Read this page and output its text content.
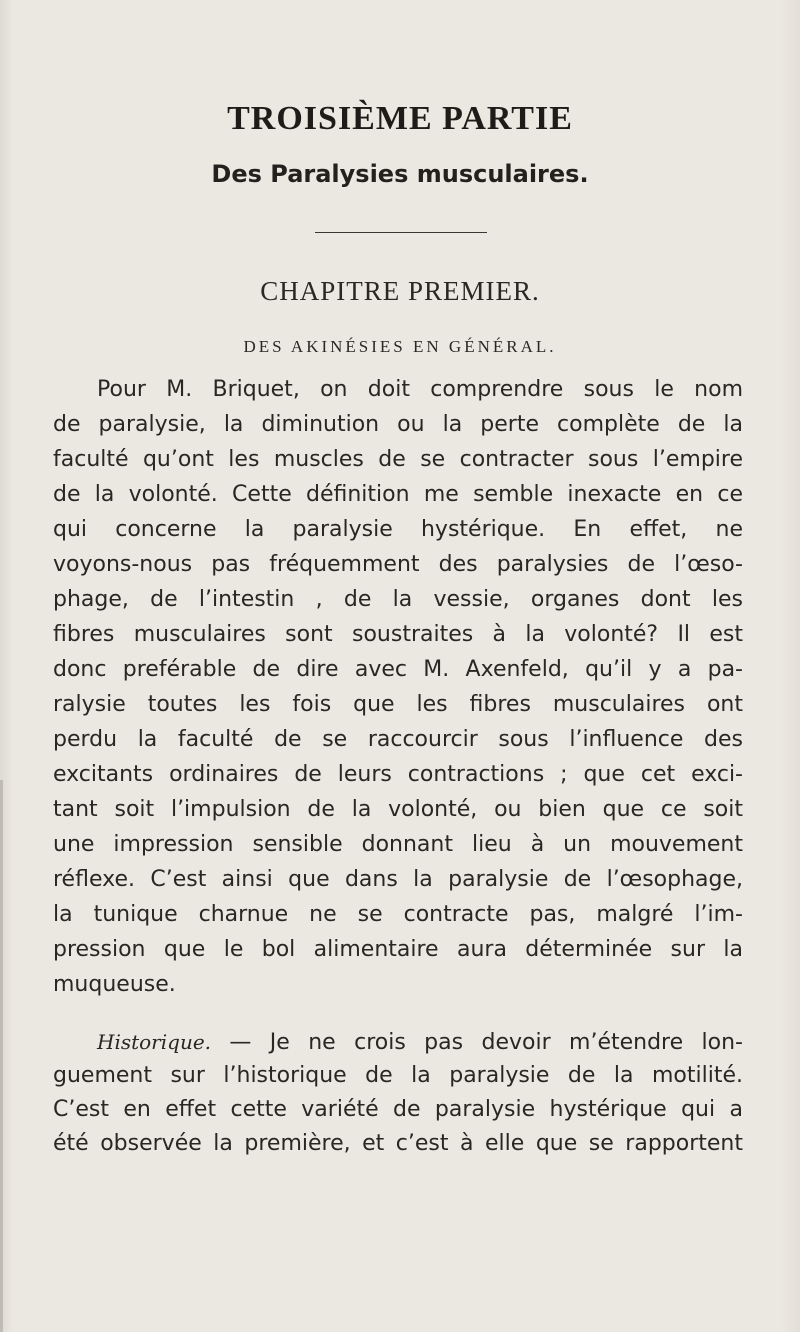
TROISIÈME PARTIE
Des Paralysies musculaires.
CHAPITRE PREMIER.
DES AKINÉSIES EN GÉNÉRAL.
Pour M. Briquet, on doit comprendre sous le nom
de paralysie, la diminution ou la perte complète de la
faculté qu’ont les muscles de se contracter sous l’empire
de la volonté. Cette définition me semble inexacte en ce
qui concerne la paralysie hystérique. En effet, ne
voyons-nous pas fréquemment des paralysies de l’œso-
phage, de l’intestin , de la vessie, organes dont les
fibres musculaires sont soustraites à la volonté? Il est
donc preférable de dire avec M. Axenfeld, qu’il y a pa-
ralysie toutes les fois que les fibres musculaires ont
perdu la faculté de se raccourcir sous l’influence des
excitants ordinaires de leurs contractions ; que cet exci-
tant soit l’impulsion de la volonté, ou bien que ce soit
une impression sensible donnant lieu à un mouvement
réflexe. C’est ainsi que dans la paralysie de l’œsophage,
la tunique charnue ne se contracte pas, malgré l’im-
pression que le bol alimentaire aura déterminée sur la
muqueuse.
Historique. — Je ne crois pas devoir m’étendre lon-
guement sur l’historique de la paralysie de la motilité.
C’est en effet cette variété de paralysie hystérique qui a
été observée la première, et c’est à elle que se rapportent
